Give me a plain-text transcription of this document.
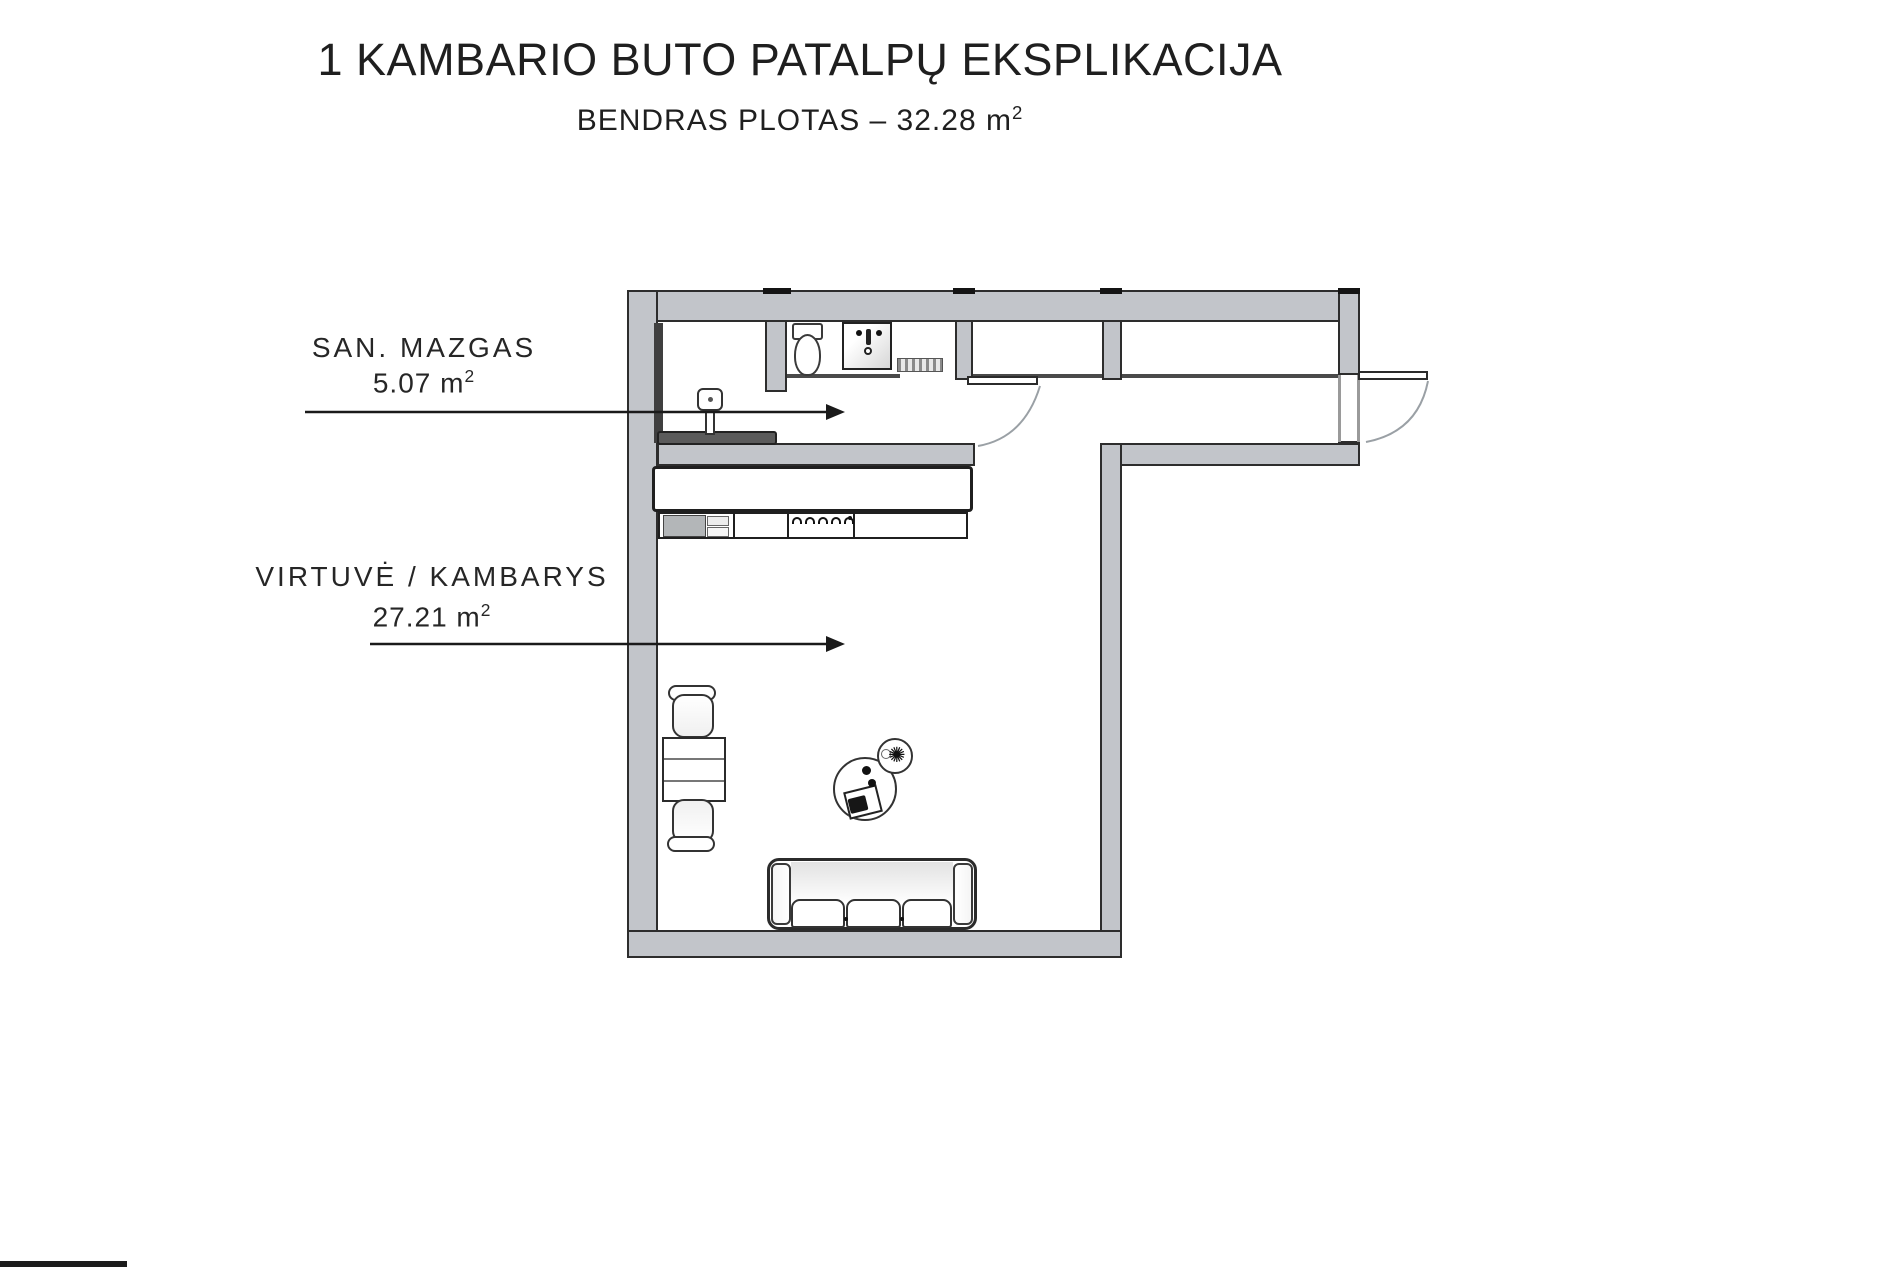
1 KAMBARIO BUTO PATALPŲ EKSPLIKACIJA
BENDRAS PLOTAS – 32.28 $m^2$
SAN. MAZGAS
5.07 $m^2$
VIRTUVĖ / KAMBARYS
27.21 $m^2$
✺
